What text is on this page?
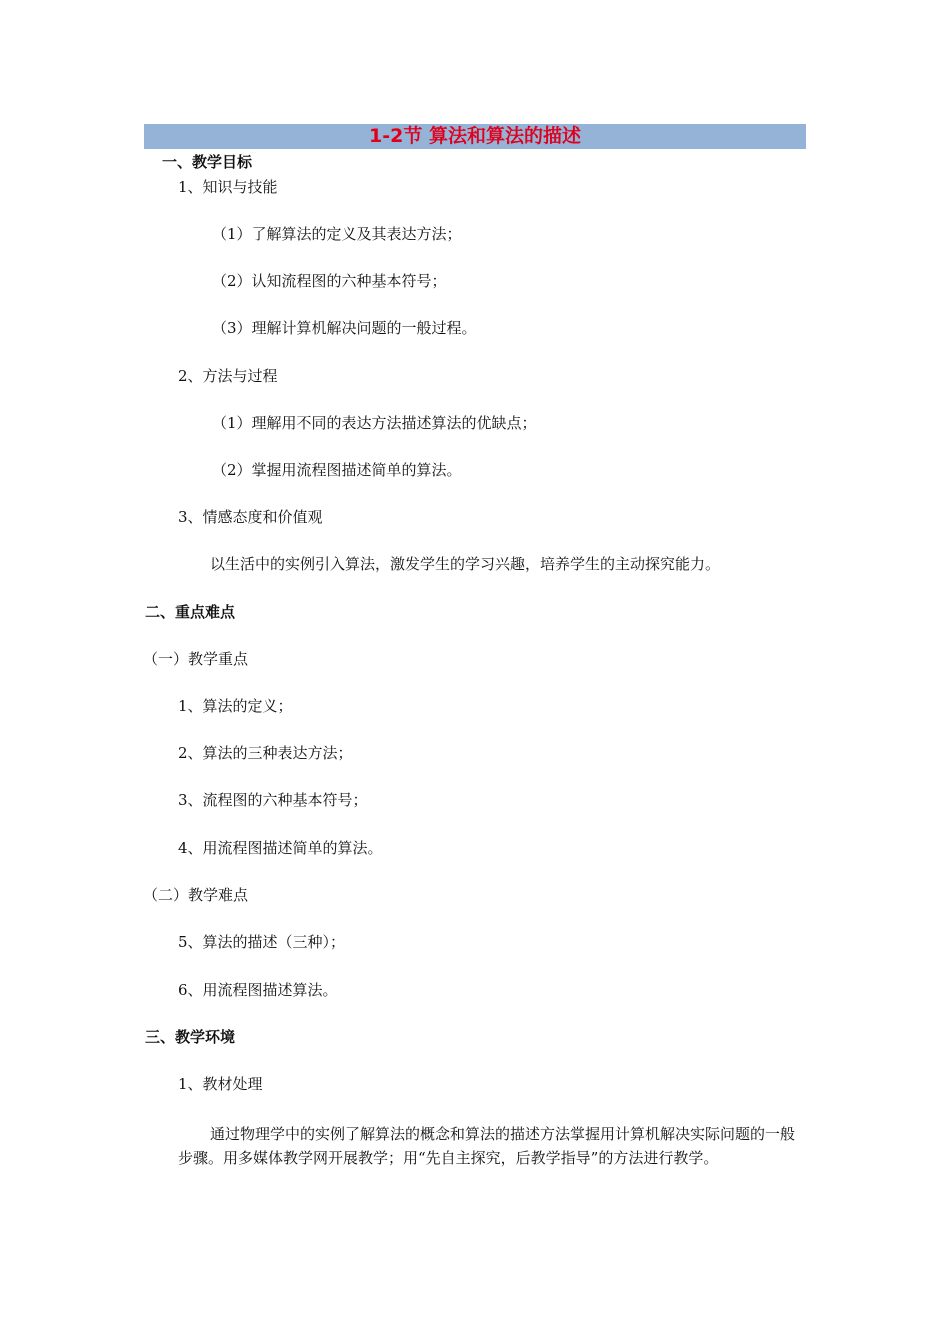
1-2节 算法和算法的描述
一、教学目标
1、知识与技能
（1）了解算法的定义及其表达方法；
（2）认知流程图的六种基本符号；
（3）理解计算机解决问题的一般过程。
2、方法与过程
（1）理解用不同的表达方法描述算法的优缺点；
（2）掌握用流程图描述简单的算法。
3、情感态度和价值观
以生活中的实例引入算法，激发学生的学习兴趣，培养学生的主动探究能力。
二、重点难点
（一）教学重点
1、算法的定义；
2、算法的三种表达方法；
3、流程图的六种基本符号；
4、用流程图描述简单的算法。
（二）教学难点
5、算法的描述（三种）；
6、用流程图描述算法。
三、教学环境
1、教材处理
通过物理学中的实例了解算法的概念和算法的描述方法掌握用计算机解决实际问题的一般步骤。用多媒体教学网开展教学；用“先自主探究，后教学指导”的方法进行教学。
